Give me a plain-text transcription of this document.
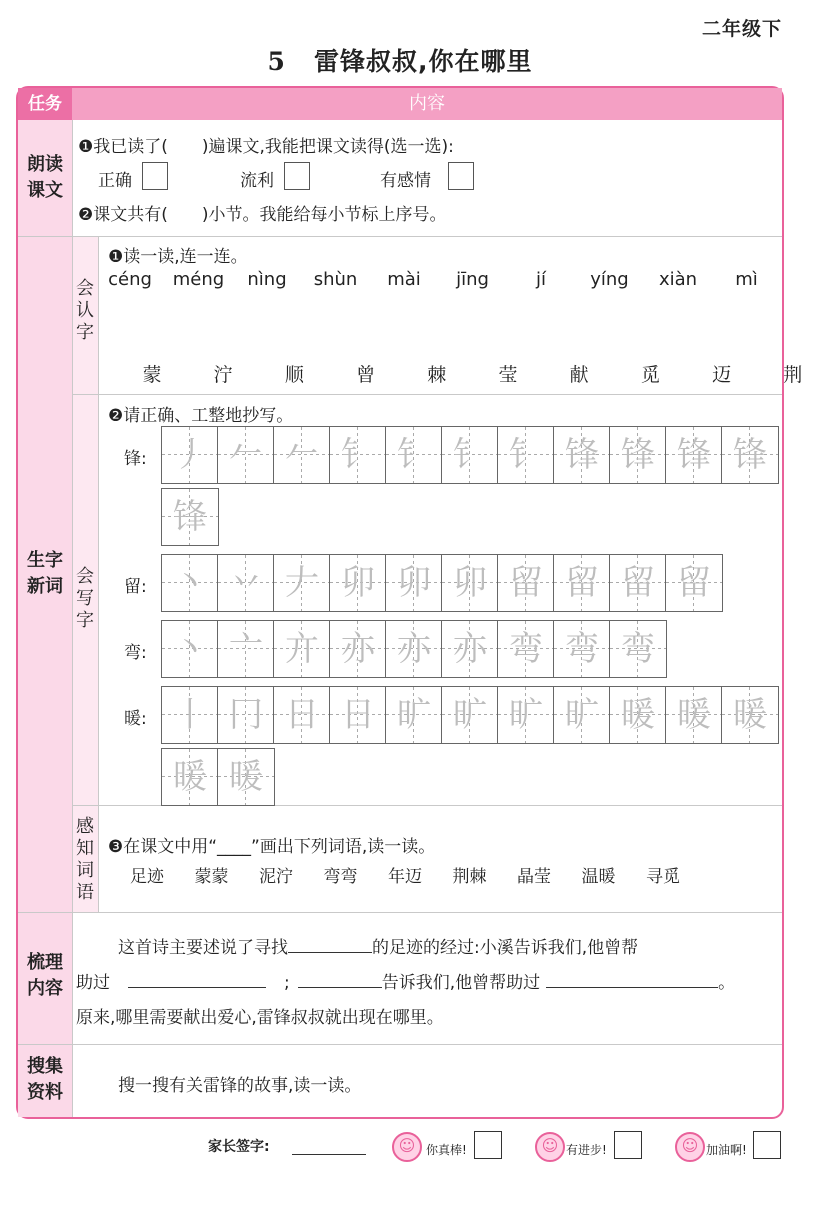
二年级下
5 雷锋叔叔,你在哪里
任务	内容
朗读
课文
❶我已读了(　　)遍课文,我能把课文读得(选一选):
正确	流利	有感情
❷课文共有(　　)小节。我能给每小节标上序号。
生字
新词
会
认
字
❶读一读,连一连。
céng	méng	nìng	shùn	mài	jīng	jí	yíng	xiàn	mì
蒙	泞	顺	曾	棘	莹	献	觅	迈	荆
会
写
字
❷请正确、工整地抄写。
锋: 丿 𠂉 𠂉 钅 钅 钅 钅 锋 锋 锋 锋
锋
留: 丶 丷 𠂇 卯 卯 卯 留 留 留 留
弯: 丶 亠 亣 亦 亦 亦 弯 弯 弯
暖: 丨 冂 日 日 旷 旷 旷 旷 暖 暖 暖
暖 暖
感
知
词
语
❸在课文中用“____”画出下列词语,读一读。
足迹 蒙蒙 泥泞 弯弯 年迈 荆棘 晶莹 温暖 寻觅
梳理
内容
这首诗主要述说了寻找	的足迹的经过:小溪告诉我们,他曾帮
助过	;	告诉我们,他曾帮助过	。
原来,哪里需要献出爱心,雷锋叔叔就出现在哪里。
搜集
资料	搜一搜有关雷锋的故事,读一读。
家长签字:	☺ 你真棒!	☺ 有进步!	☺ 加油啊!
